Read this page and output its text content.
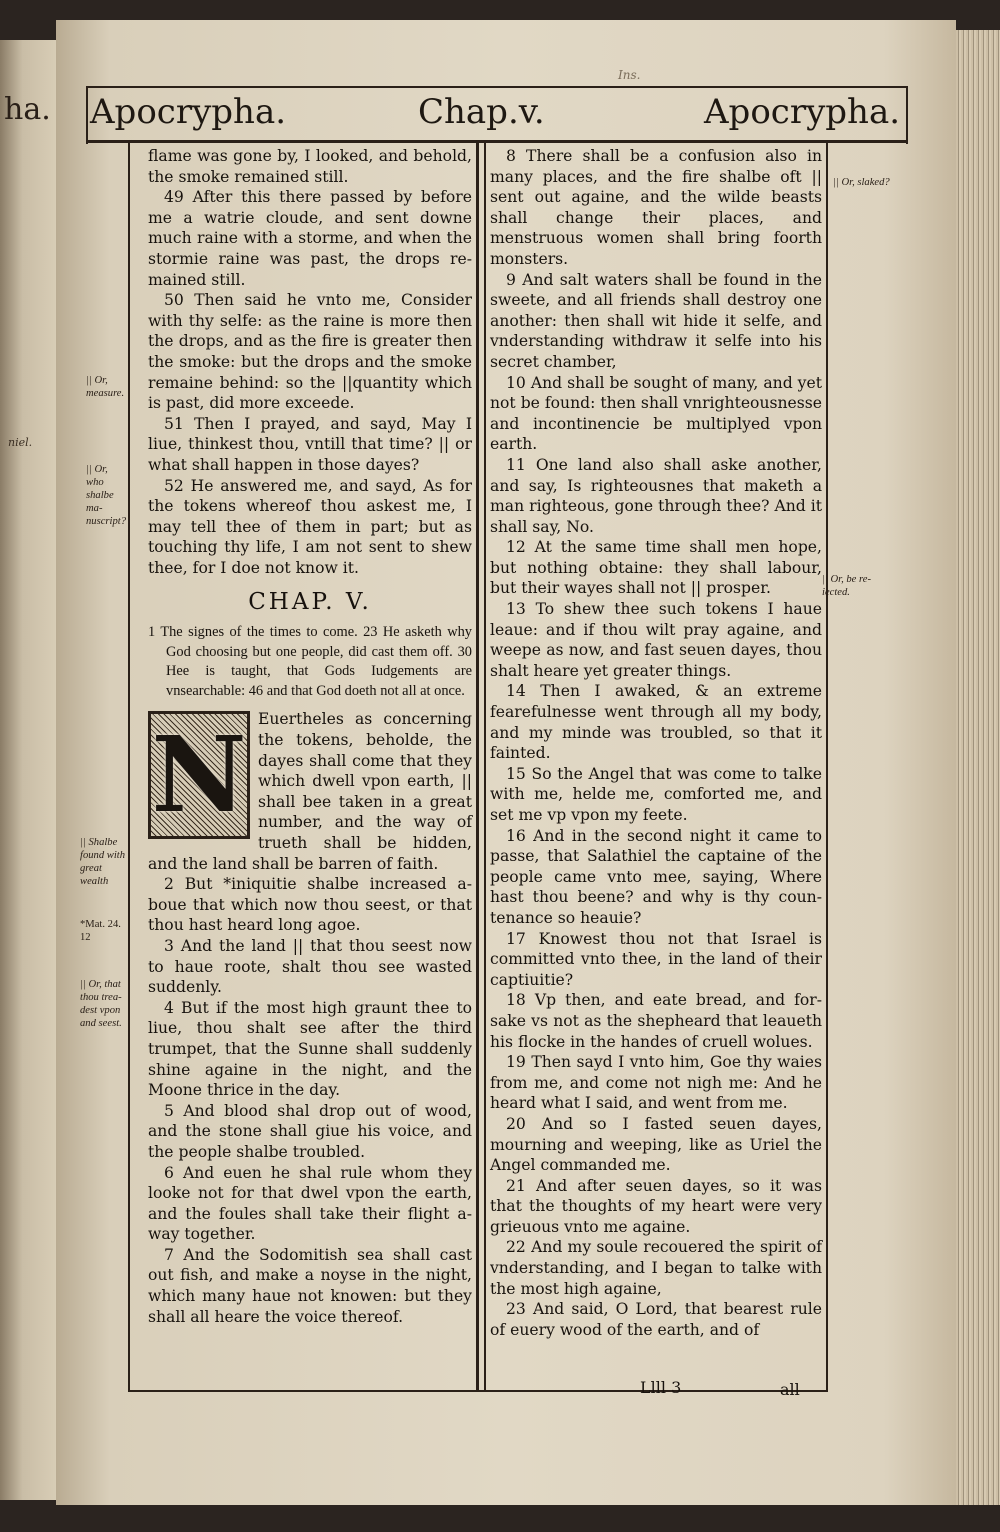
ha.
niel.
Ins.
Apocrypha.	Chap.v.	Apocrypha.
|| Or, measure.
|| Or, who shalbe manuscript?
|| Shalbe found with great wealth
*Mat. 24. 12
|| Or, that thou treadest vpon and seest.
|| Or, slaked?
|| Or, be reiected.

flame was gone by, I looked, and behold, the smoke remained still.

49 After this there passed by before me a watrie cloude, and sent downe much raine with a storme, and when the stormie raine was past, the drops remained still.

50 Then said he vnto me, Consider with thy selfe: as the raine is more then the drops, and as the fire is greater then the smoke: but the drops and the smoke remaine behind: so the ||quantity which is past, did more exceede.

51 Then I prayed, and sayd, May I liue, thinkest thou, vntill that time? || or what shall happen in those dayes?

52 He answered me, and sayd, As for the tokens whereof thou askest me, I may tell thee of them in part; but as touching thy life, I am not sent to shew thee, for I doe not know it.

CHAP. V.

1 The signes of the times to come. 23 He asketh why God choosing but one people, did cast them off. 30 Hee is taught, that Gods Iudgements are vnsearchable: 46 and that God doeth not all at once.

N Euertheles as concerning the tokens, beholde, the dayes shall come that they which dwell vpon earth, || shall bee taken in a great number, and the way of trueth shall be hidden, and the land shall be barren of faith.

2 But *iniquitie shalbe increased aboue that which now thou seest, or that thou hast heard long agoe.

3 And the land || that thou seest now to haue roote, shalt thou see wasted suddenly.

4 But if the most high graunt thee to liue, thou shalt see after the third trumpet, that the Sunne shall suddenly shine againe in the night, and the Moone thrice in the day.

5 And blood shal drop out of wood, and the stone shall giue his voice, and the people shalbe troubled.

6 And euen he shal rule whom they looke not for that dwel vpon the earth, and the foules shall take their flight away together.

7 And the Sodomitish sea shall cast out fish, and make a noyse in the night, which many haue not knowen: but they shall all heare the voice thereof.

8 There shall be a confusion also in many places, and the fire shalbe oft || sent out againe, and the wilde beasts shall change their places, and menstruous women shall bring foorth monsters.

9 And salt waters shall be found in the sweete, and all friends shall destroy one another: then shall wit hide it selfe, and vnderstanding withdraw it selfe into his secret chamber,

10 And shall be sought of many, and yet not be found: then shall vnrighteousnesse and incontinencie be multiplyed vpon earth.

11 One land also shall aske another, and say, Is righteousnes that maketh a man righteous, gone through thee? And it shall say, No.

12 At the same time shall men hope, but nothing obtaine: they shall labour, but their wayes shall not || prosper.

13 To shew thee such tokens I haue leaue: and if thou wilt pray againe, and weepe as now, and fast seuen dayes, thou shalt heare yet greater things.

14 Then I awaked, & an extreme fearefulnesse went through all my body, and my minde was troubled, so that it fainted.

15 So the Angel that was come to talke with me, helde me, comforted me, and set me vp vpon my feete.

16 And in the second night it came to passe, that Salathiel the captaine of the people came vnto mee, saying, Where hast thou beene? and why is thy countenance so heauie?

17 Knowest thou not that Israel is committed vnto thee, in the land of their captiuitie?

18 Vp then, and eate bread, and forsake vs not as the shepheard that leaueth his flocke in the handes of cruell wolues.

19 Then sayd I vnto him, Goe thy waies from me, and come not nigh me: And he heard what I said, and went from me.

20 And so I fasted seuen dayes, mourning and weeping, like as Uriel the Angel commanded me.

21 And after seuen dayes, so it was that the thoughts of my heart were very grieuous vnto me againe.

22 And my soule recouered the spirit of vnderstanding, and I began to talke with the most high againe,

23 And said, O Lord, that bearest rule of euery wood of the earth, and of

Llll 3	all
